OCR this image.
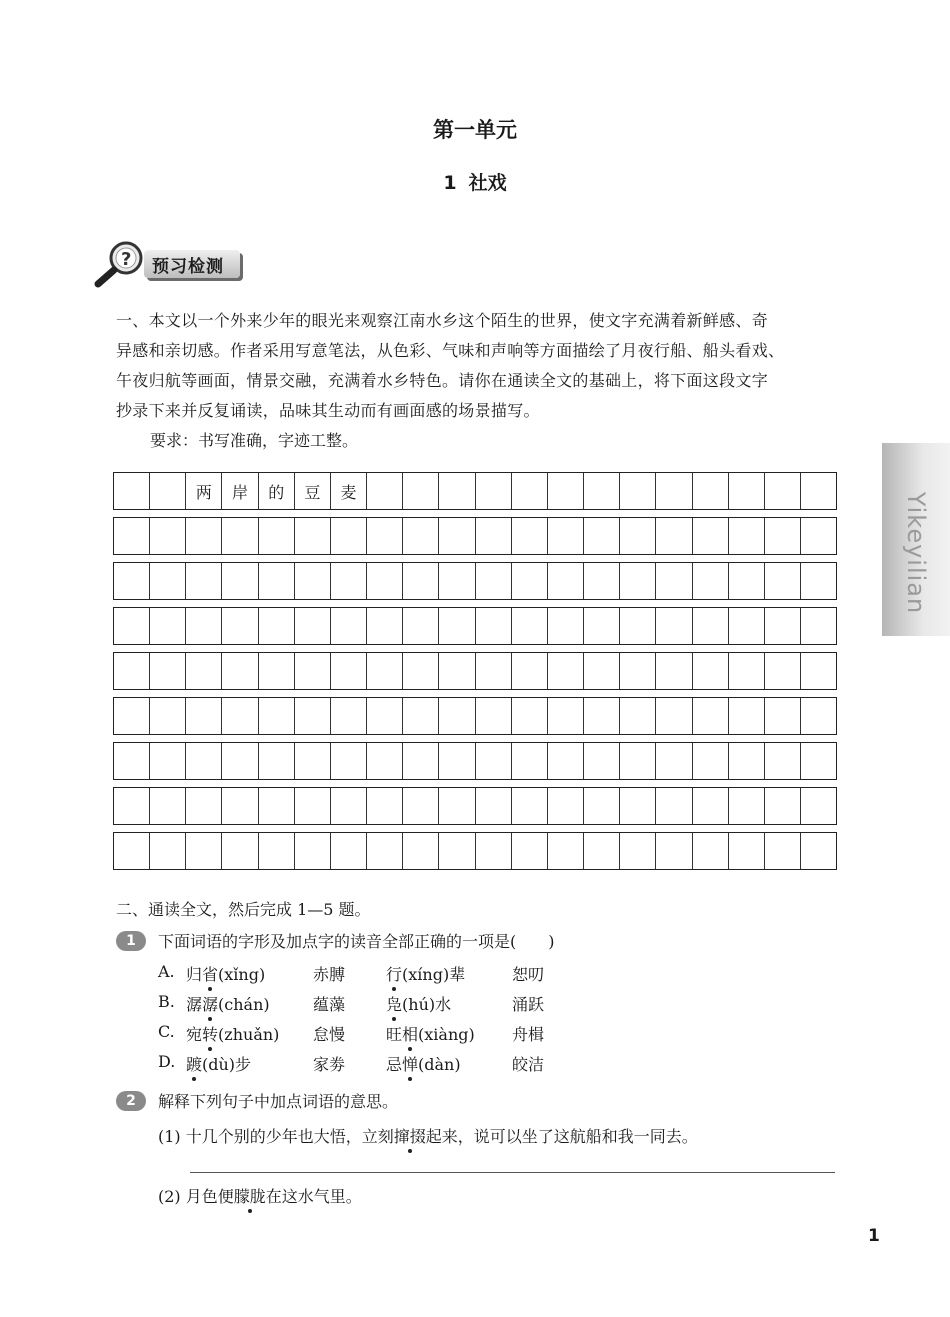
第一单元
1 社戏
? 预习检测
一、本文以一个外来少年的眼光来观察江南水乡这个陌生的世界，使文字充满着新鲜感、奇
异感和亲切感。作者采用写意笔法，从色彩、气味和声响等方面描绘了月夜行船、船头看戏、
午夜归航等画面，情景交融，充满着水乡特色。请你在通读全文的基础上，将下面这段文字
抄录下来并反复诵读，品味其生动而有画面感的场景描写。
要求：书写准确，字迹工整。
两	岸	的	豆	麦
二、通读全文，然后完成 1—5 题。
1	下面词语的字形及加点字的读音全部正确的一项是(　　)
A. 归省(xǐng)	赤膊	行(xíng)辈	恕叨
B. 潺潺(chán)	蕴藻	凫(hú)水	涌跃
C. 宛转(zhuǎn) 怠慢	旺相(xiàng) 舟楫
D. 踱(dù)步	家劵	忌惮(dàn)	皎洁
2	解释下列句子中加点词语的意思。
(1) 十几个别的少年也大悟，立刻撺掇起来，说可以坐了这航船和我一同去。
(2) 月色便朦胧在这水气里。
Yikeyilian
1
